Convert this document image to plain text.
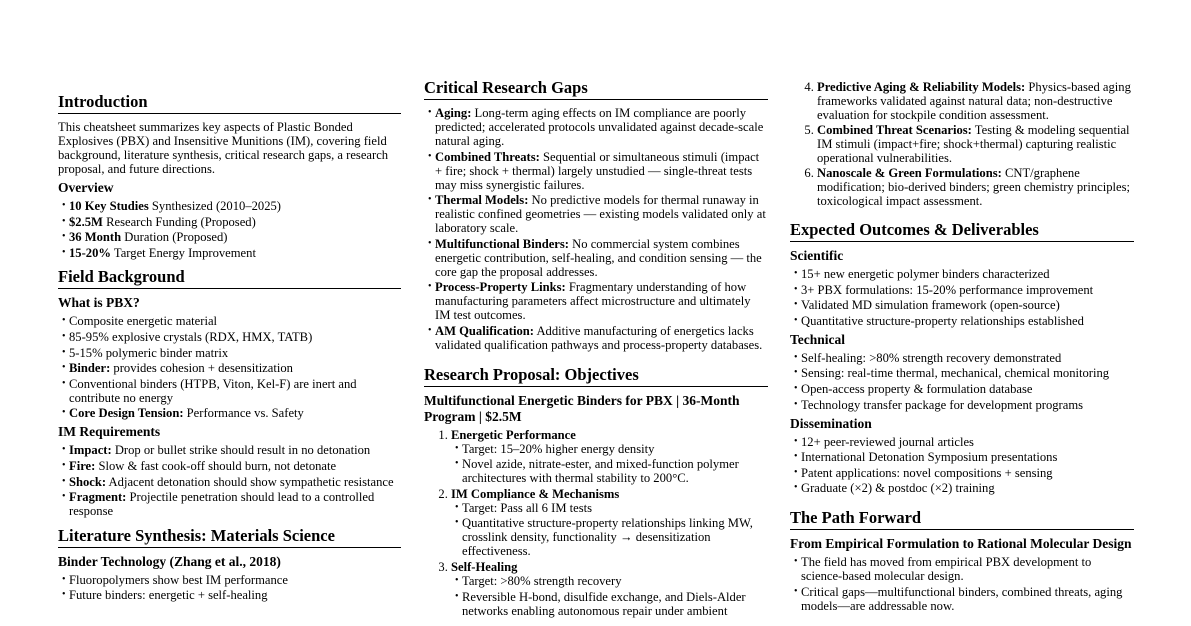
Introduction

This cheatsheet summarizes key aspects of Plastic Bonded Explosives (PBX) and Insensitive Munitions (IM), covering field background, literature synthesis, critical research gaps, a research proposal, and future directions.

Overview
• 10 Key Studies Synthesized (2010–2025)
• $2.5M Research Funding (Proposed)
• 36 Month Duration (Proposed)
• 15-20% Target Energy Improvement
Field Background
What is PBX?
• Composite energetic material
• 85-95% explosive crystals (RDX, HMX, TATB)
• 5-15% polymeric binder matrix
• Binder: provides cohesion + desensitization
• Conventional binders (HTPB, Viton, Kel-F) are inert and contribute no energy
• Core Design Tension: Performance vs. Safety
IM Requirements
• Impact: Drop or bullet strike should result in no detonation
• Fire: Slow & fast cook-off should burn, not detonate
• Shock: Adjacent detonation should show sympathetic resistance
• Fragment: Projectile penetration should lead to a controlled response
Literature Synthesis: Materials Science
Binder Technology (Zhang et al., 2018)
• Fluoropolymers show best IM performance
• Future binders: energetic + self-healing
Critical Research Gaps
• Aging: Long-term aging effects on IM compliance are poorly predicted; accelerated protocols unvalidated against decade-scale natural aging.
• Combined Threats: Sequential or simultaneous stimuli (impact + fire; shock + thermal) largely unstudied — single-threat tests may miss synergistic failures.
• Thermal Models: No predictive models for thermal runaway in realistic confined geometries — existing models validated only at laboratory scale.
• Multifunctional Binders: No commercial system combines energetic contribution, self-healing, and condition sensing — the core gap the proposal addresses.
• Process-Property Links: Fragmentary understanding of how manufacturing parameters affect microstructure and ultimately IM test outcomes.
• AM Qualification: Additive manufacturing of energetics lacks validated qualification pathways and process-property databases.
Research Proposal: Objectives
Multifunctional Energetic Binders for PBX | 36-Month Program | $2.5M
1. Energetic Performance
• Target: 15–20% higher energy density
• Novel azide, nitrate-ester, and mixed-function polymer architectures with thermal stability to 200°C.
2. IM Compliance & Mechanisms
• Target: Pass all 6 IM tests
• Quantitative structure-property relationships linking MW, crosslink density, functionality → desensitization effectiveness.
3. Self-Healing
• Target: >80% strength recovery
• Reversible H-bond, disulfide exchange, and Diels-Alder networks enabling autonomous repair under ambient
4. Predictive Aging & Reliability Models: Physics-based aging frameworks validated against natural data; non-destructive evaluation for stockpile condition assessment.
5. Combined Threat Scenarios: Testing & modeling sequential IM stimuli (impact+fire; shock+thermal) capturing realistic operational vulnerabilities.
6. Nanoscale & Green Formulations: CNT/graphene modification; bio-derived binders; green chemistry principles; toxicological impact assessment.
Expected Outcomes & Deliverables
Scientific
• 15+ new energetic polymer binders characterized
• 3+ PBX formulations: 15-20% performance improvement
• Validated MD simulation framework (open-source)
• Quantitative structure-property relationships established
Technical
• Self-healing: >80% strength recovery demonstrated
• Sensing: real-time thermal, mechanical, chemical monitoring
• Open-access property & formulation database
• Technology transfer package for development programs
Dissemination
• 12+ peer-reviewed journal articles
• International Detonation Symposium presentations
• Patent applications: novel compositions + sensing
• Graduate (×2) & postdoc (×2) training
The Path Forward
From Empirical Formulation to Rational Molecular Design
• The field has moved from empirical PBX development to science-based molecular design.
• Critical gaps—multifunctional binders, combined threats, aging models—are addressable now.
